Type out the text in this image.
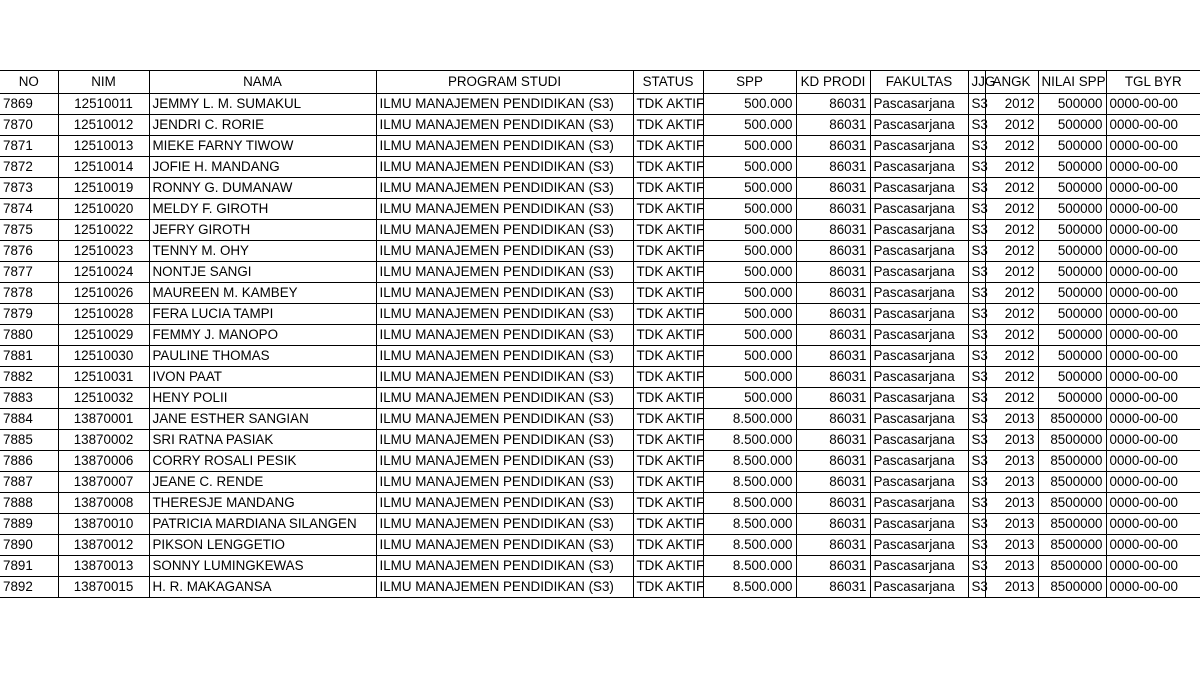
NO	NIM	NAMA	PROGRAM STUDI	STATUS	SPP	KD PRODI	FAKULTAS	JJG	ANGK	NILAI SPP	TGL BYR
7869	12510011	JEMMY L. M. SUMAKUL	ILMU MANAJEMEN PENDIDIKAN (S3)	TDK AKTIF	500.000	86031	Pascasarjana	S3	2012	500000	0000-00-00
7870	12510012	JENDRI C. RORIE	ILMU MANAJEMEN PENDIDIKAN (S3)	TDK AKTIF	500.000	86031	Pascasarjana	S3	2012	500000	0000-00-00
7871	12510013	MIEKE FARNY TIWOW	ILMU MANAJEMEN PENDIDIKAN (S3)	TDK AKTIF	500.000	86031	Pascasarjana	S3	2012	500000	0000-00-00
7872	12510014	JOFIE H. MANDANG	ILMU MANAJEMEN PENDIDIKAN (S3)	TDK AKTIF	500.000	86031	Pascasarjana	S3	2012	500000	0000-00-00
7873	12510019	RONNY G. DUMANAW	ILMU MANAJEMEN PENDIDIKAN (S3)	TDK AKTIF	500.000	86031	Pascasarjana	S3	2012	500000	0000-00-00
7874	12510020	MELDY F. GIROTH	ILMU MANAJEMEN PENDIDIKAN (S3)	TDK AKTIF	500.000	86031	Pascasarjana	S3	2012	500000	0000-00-00
7875	12510022	JEFRY GIROTH	ILMU MANAJEMEN PENDIDIKAN (S3)	TDK AKTIF	500.000	86031	Pascasarjana	S3	2012	500000	0000-00-00
7876	12510023	TENNY M. OHY	ILMU MANAJEMEN PENDIDIKAN (S3)	TDK AKTIF	500.000	86031	Pascasarjana	S3	2012	500000	0000-00-00
7877	12510024	NONTJE SANGI	ILMU MANAJEMEN PENDIDIKAN (S3)	TDK AKTIF	500.000	86031	Pascasarjana	S3	2012	500000	0000-00-00
7878	12510026	MAUREEN M. KAMBEY	ILMU MANAJEMEN PENDIDIKAN (S3)	TDK AKTIF	500.000	86031	Pascasarjana	S3	2012	500000	0000-00-00
7879	12510028	FERA LUCIA TAMPI	ILMU MANAJEMEN PENDIDIKAN (S3)	TDK AKTIF	500.000	86031	Pascasarjana	S3	2012	500000	0000-00-00
7880	12510029	FEMMY J. MANOPO	ILMU MANAJEMEN PENDIDIKAN (S3)	TDK AKTIF	500.000	86031	Pascasarjana	S3	2012	500000	0000-00-00
7881	12510030	PAULINE THOMAS	ILMU MANAJEMEN PENDIDIKAN (S3)	TDK AKTIF	500.000	86031	Pascasarjana	S3	2012	500000	0000-00-00
7882	12510031	IVON PAAT	ILMU MANAJEMEN PENDIDIKAN (S3)	TDK AKTIF	500.000	86031	Pascasarjana	S3	2012	500000	0000-00-00
7883	12510032	HENY POLII	ILMU MANAJEMEN PENDIDIKAN (S3)	TDK AKTIF	500.000	86031	Pascasarjana	S3	2012	500000	0000-00-00
7884	13870001	JANE ESTHER SANGIAN	ILMU MANAJEMEN PENDIDIKAN (S3)	TDK AKTIF	8.500.000	86031	Pascasarjana	S3	2013	8500000	0000-00-00
7885	13870002	SRI RATNA PASIAK	ILMU MANAJEMEN PENDIDIKAN (S3)	TDK AKTIF	8.500.000	86031	Pascasarjana	S3	2013	8500000	0000-00-00
7886	13870006	CORRY ROSALI PESIK	ILMU MANAJEMEN PENDIDIKAN (S3)	TDK AKTIF	8.500.000	86031	Pascasarjana	S3	2013	8500000	0000-00-00
7887	13870007	JEANE C. RENDE	ILMU MANAJEMEN PENDIDIKAN (S3)	TDK AKTIF	8.500.000	86031	Pascasarjana	S3	2013	8500000	0000-00-00
7888	13870008	THERESJE MANDANG	ILMU MANAJEMEN PENDIDIKAN (S3)	TDK AKTIF	8.500.000	86031	Pascasarjana	S3	2013	8500000	0000-00-00
7889	13870010	PATRICIA MARDIANA SILANGEN	ILMU MANAJEMEN PENDIDIKAN (S3)	TDK AKTIF	8.500.000	86031	Pascasarjana	S3	2013	8500000	0000-00-00
7890	13870012	PIKSON LENGGETIO	ILMU MANAJEMEN PENDIDIKAN (S3)	TDK AKTIF	8.500.000	86031	Pascasarjana	S3	2013	8500000	0000-00-00
7891	13870013	SONNY LUMINGKEWAS	ILMU MANAJEMEN PENDIDIKAN (S3)	TDK AKTIF	8.500.000	86031	Pascasarjana	S3	2013	8500000	0000-00-00
7892	13870015	H. R. MAKAGANSA	ILMU MANAJEMEN PENDIDIKAN (S3)	TDK AKTIF	8.500.000	86031	Pascasarjana	S3	2013	8500000	0000-00-00
